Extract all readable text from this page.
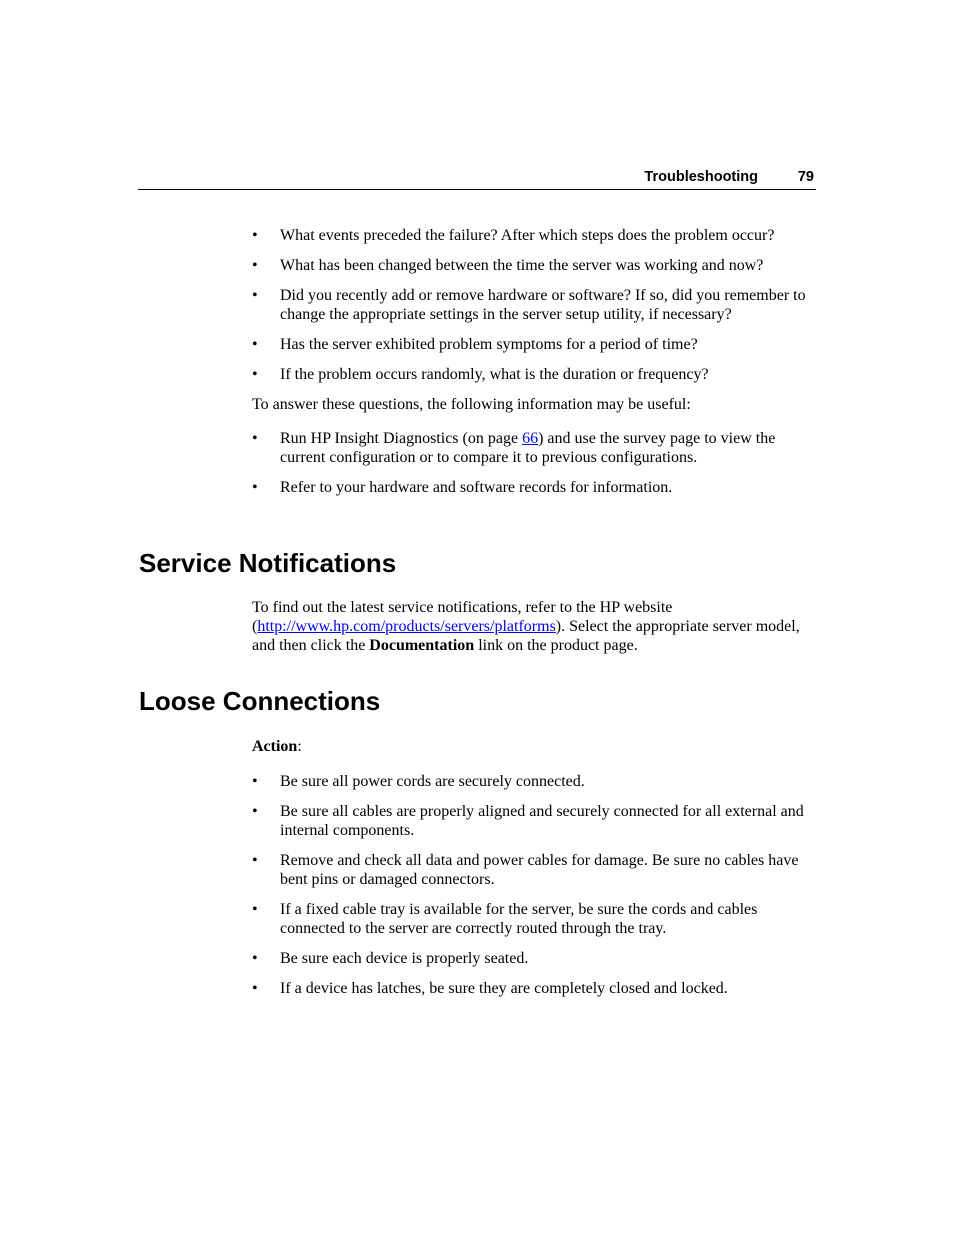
Troubleshooting	79
• What events preceded the failure? After which steps does the problem occur?
• What has been changed between the time the server was working and now?
• Did you recently add or remove hardware or software? If so, did you remember to change the appropriate settings in the server setup utility, if necessary?
• Has the server exhibited problem symptoms for a period of time?
• If the problem occurs randomly, what is the duration or frequency?

To answer these questions, the following information may be useful:

• Run HP Insight Diagnostics (on page 66) and use the survey page to view the current configuration or to compare it to previous configurations.
• Refer to your hardware and software records for information.
Service Notifications

To find out the latest service notifications, refer to the HP website (http://www.hp.com/products/servers/platforms). Select the appropriate server model, and then click the Documentation link on the product page.

Loose Connections

Action:

• Be sure all power cords are securely connected.
• Be sure all cables are properly aligned and securely connected for all external and internal components.
• Remove and check all data and power cables for damage. Be sure no cables have bent pins or damaged connectors.
• If a fixed cable tray is available for the server, be sure the cords and cables connected to the server are correctly routed through the tray.
• Be sure each device is properly seated.
• If a device has latches, be sure they are completely closed and locked.
